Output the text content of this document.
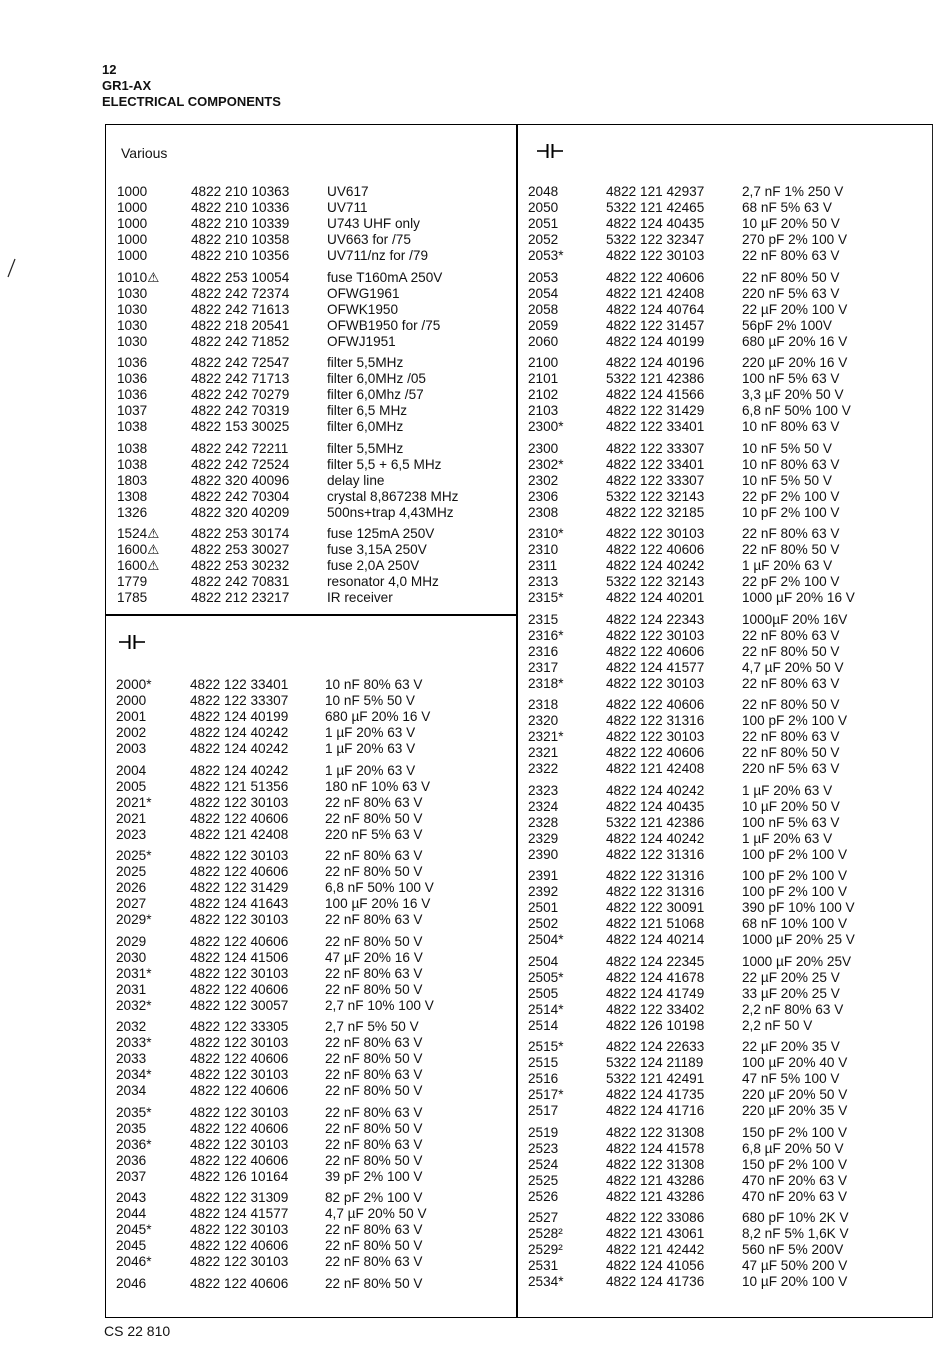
12
GR1-AX
ELECTRICAL COMPONENTS
Various
1000	4822 210 10363	UV617
1000	4822 210 10336	UV711
1000	4822 210 10339	U743 UHF only
1000	4822 210 10358	UV663 for /75
1000	4822 210 10356	UV711/nz for /79
1010⚠ 4822 253 10054	fuse T160mA 250V
1030	4822 242 72374	OFWG1961
1030	4822 242 71613	OFWK1950
1030	4822 218 20541	OFWB1950 for /75
1030	4822 242 71852	OFWJ1951
1036	4822 242 72547	filter 5,5MHz
1036	4822 242 71713	filter 6,0MHz /05
1036	4822 242 70279	filter 6,0Mhz /57
1037	4822 242 70319	filter 6,5 MHz
1038	4822 153 30025	filter 6,0MHz
1038	4822 242 72211	filter 5,5MHz
1038	4822 242 72524	filter 5,5 + 6,5 MHz
1803	4822 320 40096	delay line
1308	4822 242 70304	crystal 8,867238 MHz
1326	4822 320 40209	500ns+trap 4,43MHz
1524⚠ 4822 253 30174	fuse 125mA 250V
1600⚠ 4822 253 30027	fuse 3,15A 250V
1600⚠ 4822 253 30232	fuse 2,0A 250V
1779	4822 242 70831	resonator 4,0 MHz
1785	4822 212 23217	IR receiver
2000*	4822 122 33401	10 nF 80% 63 V
2000	4822 122 33307	10 nF 5% 50 V
2001	4822 124 40199	680 µF 20% 16 V
2002	4822 124 40242	1 µF 20% 63 V
2003	4822 124 40242	1 µF 20% 63 V
2004	4822 124 40242	1 µF 20% 63 V
2005	4822 121 51356	180 nF 10% 63 V
2021*	4822 122 30103	22 nF 80% 63 V
2021	4822 122 40606	22 nF 80% 50 V
2023	4822 121 42408	220 nF 5% 63 V
2025*	4822 122 30103	22 nF 80% 63 V
2025	4822 122 40606	22 nF 80% 50 V
2026	4822 122 31429	6,8 nF 50% 100 V
2027	4822 124 41643	100 µF 20% 16 V
2029*	4822 122 30103	22 nF 80% 63 V
2029	4822 122 40606	22 nF 80% 50 V
2030	4822 124 41506	47 µF 20% 16 V
2031*	4822 122 30103	22 nF 80% 63 V
2031	4822 122 40606	22 nF 80% 50 V
2032*	4822 122 30057	2,7 nF 10% 100 V
2032	4822 122 33305	2,7 nF 5% 50 V
2033*	4822 122 30103	22 nF 80% 63 V
2033	4822 122 40606	22 nF 80% 50 V
2034*	4822 122 30103	22 nF 80% 63 V
2034	4822 122 40606	22 nF 80% 50 V
2035*	4822 122 30103	22 nF 80% 63 V
2035	4822 122 40606	22 nF 80% 50 V
2036*	4822 122 30103	22 nF 80% 63 V
2036	4822 122 40606	22 nF 80% 50 V
2037	4822 126 10164	39 pF 2% 100 V
2043	4822 122 31309	82 pF 2% 100 V
2044	4822 124 41577	4,7 µF 20% 50 V
2045*	4822 122 30103	22 nF 80% 63 V
2045	4822 122 40606	22 nF 80% 50 V
2046*	4822 122 30103	22 nF 80% 63 V
2046	4822 122 40606	22 nF 80% 50 V
2048	4822 121 42937	2,7 nF 1% 250 V
2050	5322 121 42465	68 nF 5% 63 V
2051	4822 124 40435	10 µF 20% 50 V
2052	5322 122 32347	270 pF 2% 100 V
2053*	4822 122 30103	22 nF 80% 63 V
2053	4822 122 40606	22 nF 80% 50 V
2054	4822 121 42408	220 nF 5% 63 V
2058	4822 124 40764	22 µF 20% 100 V
2059	4822 122 31457	56pF 2% 100V
2060	4822 124 40199	680 µF 20% 16 V
2100	4822 124 40196	220 µF 20% 16 V
2101	5322 121 42386	100 nF 5% 63 V
2102	4822 124 41566	3,3 µF 20% 50 V
2103	4822 122 31429	6,8 nF 50% 100 V
2300*	4822 122 33401	10 nF 80% 63 V
2300	4822 122 33307	10 nF 5% 50 V
2302*	4822 122 33401	10 nF 80% 63 V
2302	4822 122 33307	10 nF 5% 50 V
2306	5322 122 32143	22 pF 2% 100 V
2308	4822 122 32185	10 pF 2% 100 V
2310*	4822 122 30103	22 nF 80% 63 V
2310	4822 122 40606	22 nF 80% 50 V
2311	4822 124 40242	1 µF 20% 63 V
2313	5322 122 32143	22 pF 2% 100 V
2315*	4822 124 40201	1000 µF 20% 16 V
2315	4822 124 22343	1000µF 20% 16V
2316*	4822 122 30103	22 nF 80% 63 V
2316	4822 122 40606	22 nF 80% 50 V
2317	4822 124 41577	4,7 µF 20% 50 V
2318*	4822 122 30103	22 nF 80% 63 V
2318	4822 122 40606	22 nF 80% 50 V
2320	4822 122 31316	100 pF 2% 100 V
2321*	4822 122 30103	22 nF 80% 63 V
2321	4822 122 40606	22 nF 80% 50 V
2322	4822 121 42408	220 nF 5% 63 V
2323	4822 124 40242	1 µF 20% 63 V
2324	4822 124 40435	10 µF 20% 50 V
2328	5322 121 42386	100 nF 5% 63 V
2329	4822 124 40242	1 µF 20% 63 V
2390	4822 122 31316	100 pF 2% 100 V
2391	4822 122 31316	100 pF 2% 100 V
2392	4822 122 31316	100 pF 2% 100 V
2501	4822 122 30091	390 pF 10% 100 V
2502	4822 121 51068	68 nF 10% 100 V
2504*	4822 124 40214	1000 µF 20% 25 V
2504	4822 124 22345	1000 µF 20% 25V
2505*	4822 124 41678	22 µF 20% 25 V
2505	4822 124 41749	33 µF 20% 25 V
2514*	4822 122 33402	2,2 nF 80% 63 V
2514	4822 126 10198	2,2 nF 50 V
2515*	4822 124 22633	22 µF 20% 35 V
2515	5322 124 21189	100 µF 20% 40 V
2516	5322 121 42491	47 nF 5% 100 V
2517*	4822 124 41735	220 µF 20% 50 V
2517	4822 124 41716	220 µF 20% 35 V
2519	4822 122 31308	150 pF 2% 100 V
2523	4822 124 41578	6,8 µF 20% 50 V
2524	4822 122 31308	150 pF 2% 100 V
2525	4822 121 43286	470 nF 20% 63 V
2526	4822 121 43286	470 nF 20% 63 V
2527	4822 122 33086	680 pF 10% 2K V
2528²	4822 121 43061	8,2 nF 5% 1,6K V
2529²	4822 121 42442	560 nF 5% 200V
2531	4822 124 41056	47 µF 50% 200 V
2534*	4822 124 41736	10 µF 20% 100 V
CS 22 810
